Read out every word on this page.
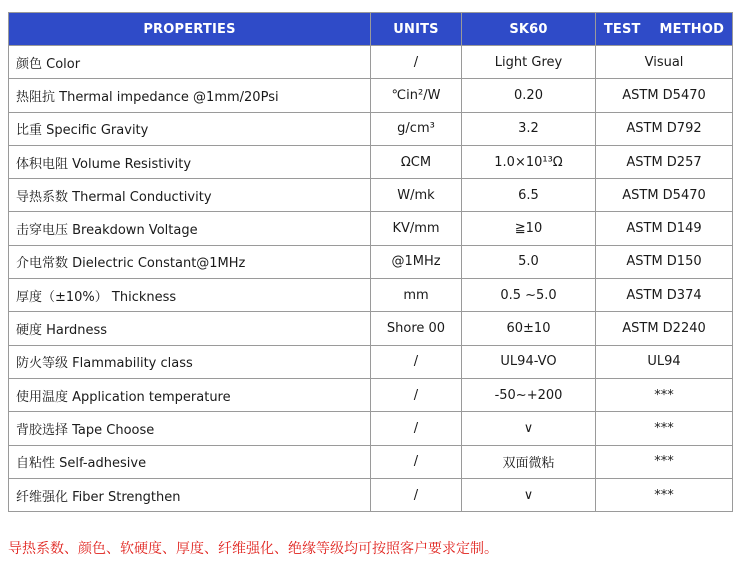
PROPERTIES	UNITS	SK60	TEST    METHOD
颜色 Color	/	Light Grey	Visual
热阻抗 Thermal impedance @1mm/20Psi	℃in²/W	0.20	ASTM D5470
比重 Specific Gravity	g/cm³	3.2	ASTM D792
体积电阻 Volume Resistivity	ΩCM	1.0×10¹³Ω	ASTM D257
导热系数 Thermal Conductivity	W/mk	6.5	ASTM D5470
击穿电压 Breakdown Voltage	KV/mm	≧10	ASTM D149
介电常数 Dielectric Constant@1MHz	@1MHz	5.0	ASTM D150
厚度（±10%） Thickness	mm	0.5 ~5.0	ASTM D374
硬度 Hardness	Shore 00	60±10	ASTM D2240
防火等级 Flammability class	/	UL94-VO	UL94
使用温度 Application temperature	/	-50~+200	***
背胶选择 Tape Choose	/	∨	***
自粘性 Self-adhesive	/	双面微粘	***
纤维强化 Fiber Strengthen	/	∨	***
导热系数、颜色、软硬度、厚度、纤维强化、绝缘等级均可按照客户要求定制。
